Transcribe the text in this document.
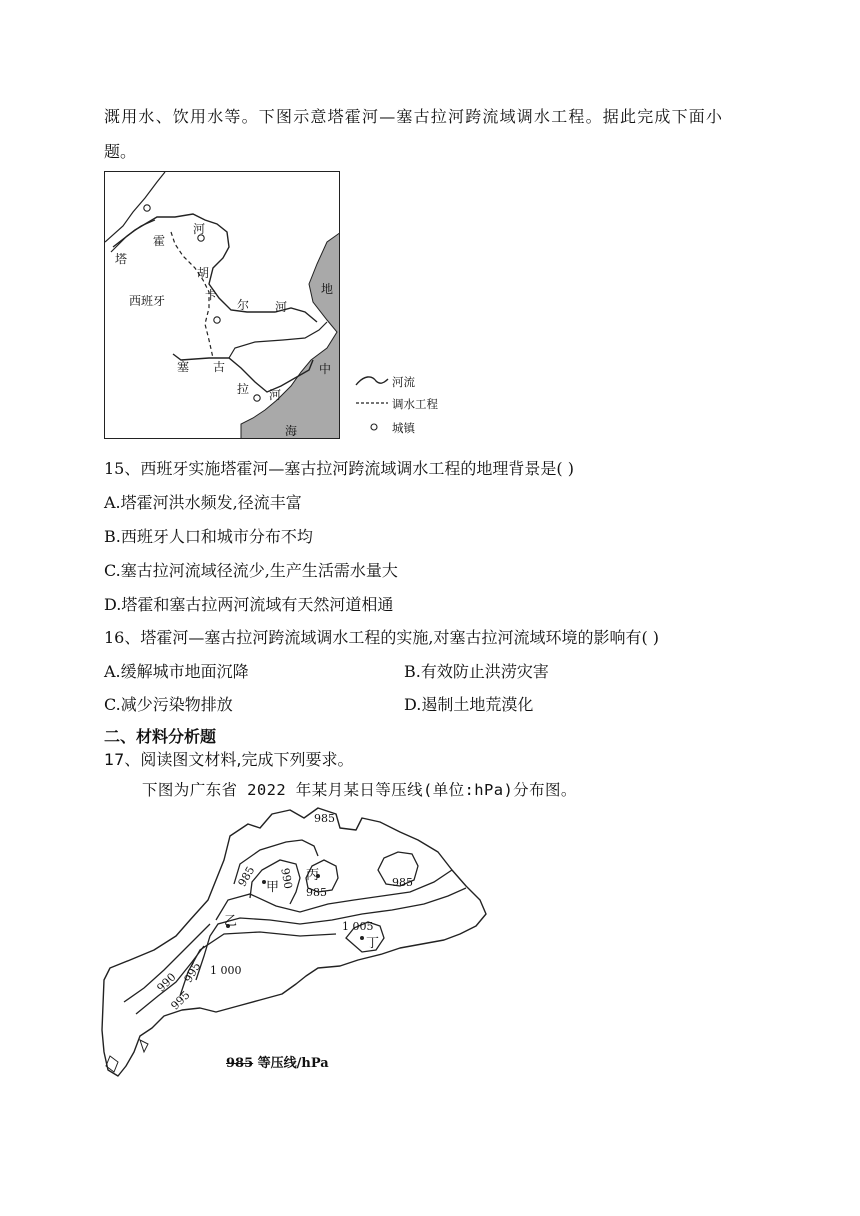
溉用水、饮用水等。下图示意塔霍河—塞古拉河跨流域调水工程。据此完成下面小
题。
塔
霍
河
胡
卡
尔 河
西班牙
塞 古
拉 河
地
中
海
河流
调水工程
城镇
15、西班牙实施塔霍河—塞古拉河跨流域调水工程的地理背景是( )
A.塔霍河洪水频发,径流丰富
B.西班牙人口和城市分布不均
C.塞古拉河流域径流少,生产生活需水量大
D.塔霍和塞古拉两河流域有天然河道相通
16、塔霍河—塞古拉河跨流域调水工程的实施,对塞古拉河流域环境的影响有( )
A.缓解城市地面沉降	B.有效防止洪涝灾害
C.减少污染物排放	D.遏制土地荒漠化
二、材料分析题
17、阅读图文材料,完成下列要求。
下图为广东省 2022 年某月某日等压线(单位:hPa)分布图。
985
990
985
985
985
1 005
995
990
995
1 000
甲
乙
丙
丁
985 等压线/hPa
